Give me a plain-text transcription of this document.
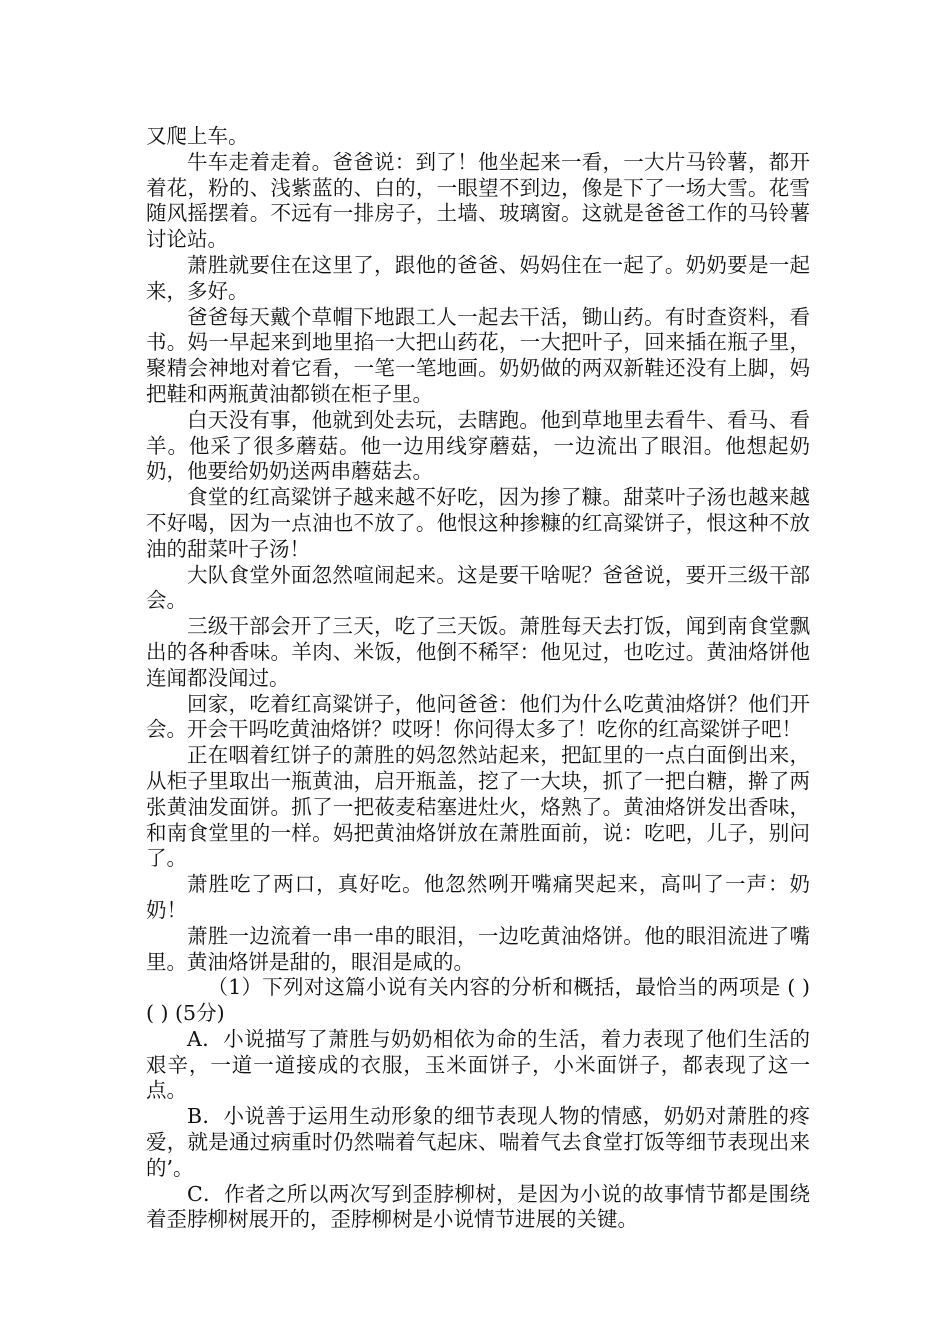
又爬上车。

牛车走着走着。爸爸说：到了！他坐起来一看，一大片马铃薯，都开着花，粉的、浅紫蓝的、白的，一眼望不到边，像是下了一场大雪。花雪随风摇摆着。不远有一排房子，土墙、玻璃窗。这就是爸爸工作的马铃薯讨论站。

萧胜就要住在这里了，跟他的爸爸、妈妈住在一起了。奶奶要是一起来，多好。

爸爸每天戴个草帽下地跟工人一起去干活，锄山药。有时查资料，看书。妈一早起来到地里掐一大把山药花，一大把叶子，回来插在瓶子里，聚精会神地对着它看，一笔一笔地画。奶奶做的两双新鞋还没有上脚，妈把鞋和两瓶黄油都锁在柜子里。

白天没有事，他就到处去玩，去瞎跑。他到草地里去看牛、看马、看羊。他采了很多蘑菇。他一边用线穿蘑菇，一边流出了眼泪。他想起奶奶，他要给奶奶送两串蘑菇去。

食堂的红高粱饼子越来越不好吃，因为掺了糠。甜菜叶子汤也越来越不好喝，因为一点油也不放了。他恨这种掺糠的红高粱饼子，恨这种不放油的甜菜叶子汤！

大队食堂外面忽然喧闹起来。这是要干啥呢？爸爸说，要开三级干部会。

三级干部会开了三天，吃了三天饭。萧胜每天去打饭，闻到南食堂飘出的各种香味。羊肉、米饭，他倒不稀罕：他见过，也吃过。黄油烙饼他连闻都没闻过。

回家，吃着红高粱饼子，他问爸爸：他们为什么吃黄油烙饼？他们开会。开会干吗吃黄油烙饼？哎呀！你问得太多了！吃你的红高粱饼子吧！

正在咽着红饼子的萧胜的妈忽然站起来，把缸里的一点白面倒出来，从柜子里取出一瓶黄油，启开瓶盖，挖了一大块，抓了一把白糖，擀了两张黄油发面饼。抓了一把莜麦秸塞进灶火，烙熟了。黄油烙饼发出香味，和南食堂里的一样。妈把黄油烙饼放在萧胜面前，说：吃吧，儿子，别问了。

萧胜吃了两口，真好吃。他忽然咧开嘴痛哭起来，高叫了一声：奶奶！

萧胜一边流着一串一串的眼泪，一边吃黄油烙饼。他的眼泪流进了嘴里。黄油烙饼是甜的，眼泪是咸的。

（1）下列对这篇小说有关内容的分析和概括，最恰当的两项是 ( ) ( ) (5分)

A．小说描写了萧胜与奶奶相依为命的生活，着力表现了他们生活的艰辛，一道一道接成的衣服，玉米面饼子，小米面饼子，都表现了这一点。

B．小说善于运用生动形象的细节表现人物的情感，奶奶对萧胜的疼爱，就是通过病重时仍然喘着气起床、喘着气去食堂打饭等细节表现出来的’。

C．作者之所以两次写到歪脖柳树，是因为小说的故事情节都是围绕着歪脖柳树展开的，歪脖柳树是小说情节进展的关键。
